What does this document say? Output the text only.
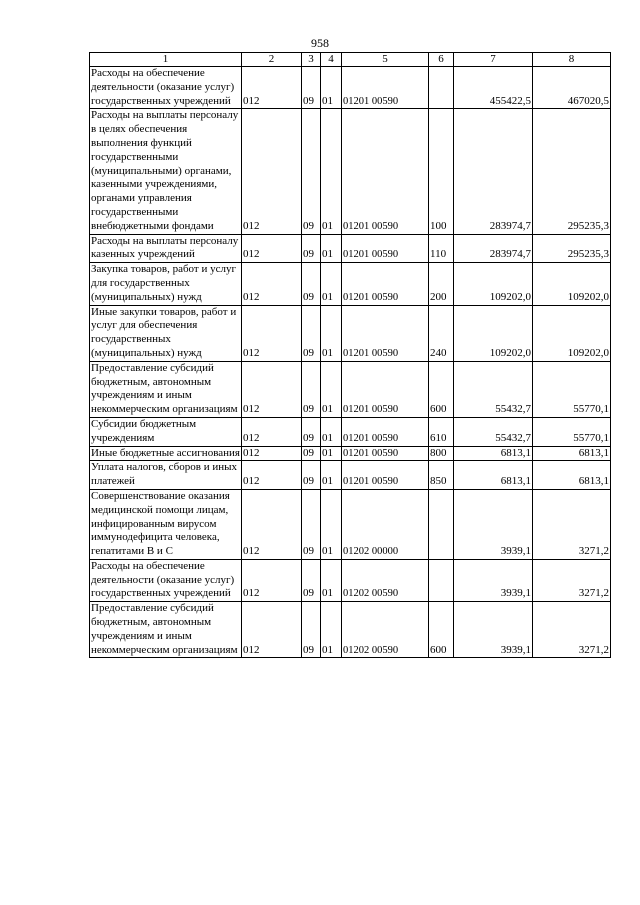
958
1	2	3	4	5	6	7	8
Расходы на обеспечение деятельности (оказание услуг) государственных учреждений	012	09	01	01201 00590		455422,5	467020,5
Расходы на выплаты персоналу в целях обеспечения выполнения функций государственными (муниципальными) органами, казенными учреждениями, органами управления государственными внебюджетными фондами	012	09	01	01201 00590	100	283974,7	295235,3
Расходы на выплаты персоналу казенных учреждений	012	09	01	01201 00590	110	283974,7	295235,3
Закупка товаров, работ и услуг для государственных (муниципальных) нужд	012	09	01	01201 00590	200	109202,0	109202,0
Иные закупки товаров, работ и услуг для обеспечения государственных (муниципальных) нужд	012	09	01	01201 00590	240	109202,0	109202,0
Предоставление субсидий бюджетным, автономным учреждениям и иным некоммерческим организациям	012	09	01	01201 00590	600	55432,7	55770,1
Субсидии бюджетным учреждениям	012	09	01	01201 00590	610	55432,7	55770,1
Иные бюджетные ассигнования	012	09	01	01201 00590	800	6813,1	6813,1
Уплата налогов, сборов и иных платежей	012	09	01	01201 00590	850	6813,1	6813,1
Совершенствование оказания медицинской помощи лицам, инфицированным вирусом иммунодефицита человека, гепатитами В и С	012	09	01	01202 00000		3939,1	3271,2
Расходы на обеспечение деятельности (оказание услуг) государственных учреждений	012	09	01	01202 00590		3939,1	3271,2
Предоставление субсидий бюджетным, автономным учреждениям и иным некоммерческим организациям	012	09	01	01202 00590	600	3939,1	3271,2
